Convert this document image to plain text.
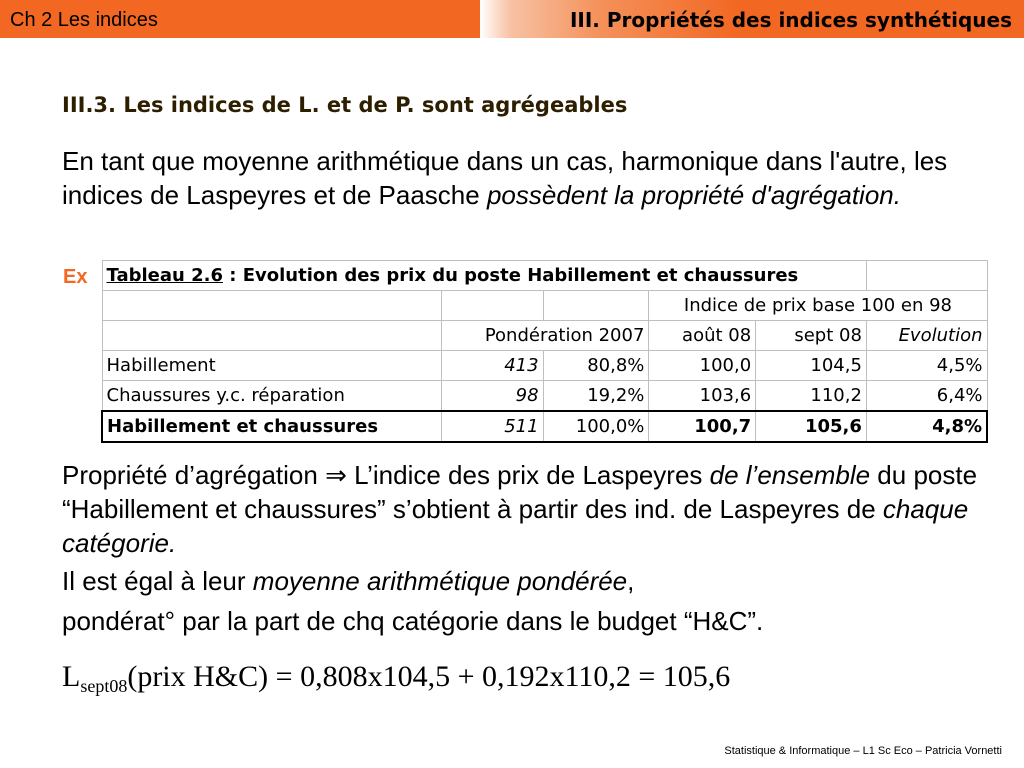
Ch 2 Les indices	III. Propriétés des indices synthétiques
III.3. Les indices de L. et de P. sont agrégeables
En tant que moyenne arithmétique dans un cas, harmonique dans l'autre, les indices de Laspeyres et de Paasche possèdent la propriété d'agrégation.
Ex Tableau 2.6 : Evolution des prix du poste Habillement et chaussures					
			Indice de prix base 100 en 98		
	Pondération 2007		août 08	sept 08	Evolution
Habillement	413	80,8%	100,0	104,5	4,5%
Chaussures y.c. réparation	98	19,2%	103,6	110,2	6,4%
Habillement et chaussures	511	100,0%	100,7	105,6	4,8%
Propriété d’agrégation ⇒ L’indice des prix de Laspeyres de l’ensemble du poste “Habillement et chaussures” s’obtient à partir des ind. de Laspeyres de chaque catégorie.
Il est égal à leur moyenne arithmétique pondérée,
pondérat° par la part de chq catégorie dans le budget “H&C”.
$L_{sept08}(prix$ H&C) = 0,808x104,5 + 0,192x110,2 = 105,6
Statistique & Informatique – L1 Sc Eco – Patricia Vornetti
